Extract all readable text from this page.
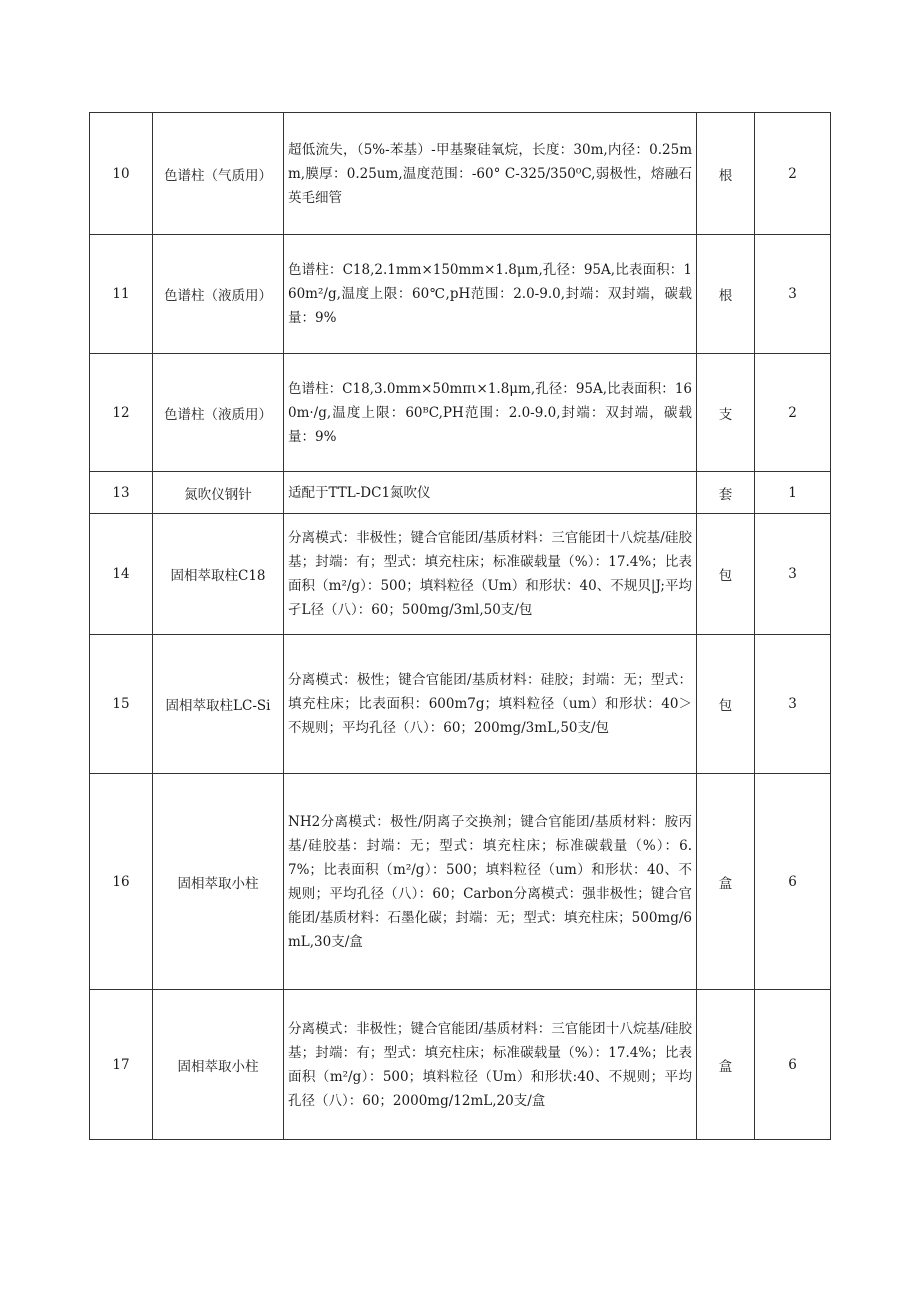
10	色谱柱（气质用）	超低流失，（5%-苯基）-甲基聚硅氧烷，长度：30m,内径：0.25mm,膜厚：0.25um,温度范围：-60° C-325/350⁰C,弱极性，熔融石英毛细管	根	2
11	色谱柱（液质用）	色谱柱：C18,2.1mm×150mm×1.8μm,孔径：95A,比表面积：160m²/g,温度上限：60℃,pH范围：2.0-9.0,封端：双封端，碳载量：9%	根	3
12	色谱柱（液质用）	色谱柱：C18,3.0mm×50mπι×1.8μm,孔径：95A,比表面积：160m·/g,温度上限：60ᴮC,PH范围：2.0-9.0,封端：双封端，碳载量：9%	支	2
13	氮吹仪钢针	适配于TTL-DC1氮吹仪	套	1
14	固相萃取柱C18	分离模式：非极性；键合官能团/基质材料：三官能团十八烷基/硅胶基；封端：有；型式：填充柱床；标准碳载量（%）：17.4%；比表面积（m²/g）：500；填料粒径（Um）和形状：40、不规贝|J;平均孑L径（八）：60；500mg/3ml,50支/包	包	3
15	固相萃取柱LC-Si	分离模式：极性；键合官能团/基质材料：硅胶；封端：无；型式：填充柱床；比表面积：600m7g；填料粒径（um）和形状：40＞不规则；平均孔径（八）：60；200mg/3mL,50支/包	包	3
16	固相萃取小柱	NH2分离模式：极性/阴离子交换剂；键合官能团/基质材料：胺丙基/硅胶基：封端：无；型式：填充柱床；标准碳载量（%）：6.7%；比表面积（m²/g）：500；填料粒径（um）和形状：40、不规则；平均孔径（八）：60；Carbon分离模式：强非极性；键合官能团/基质材料：石墨化碳；封端：无；型式：填充柱床；500mg/6mL,30支/盒	盒	6
17	固相萃取小柱	分离模式：非极性；键合官能团/基质材料：三官能团十八烷基/硅胶基；封端：有；型式：填充柱床；标准碳载量（%）：17.4%；比表面积（m²/g）：500；填料粒径（Um）和形状:40、不规则；平均孔径（八）：60；2000mg/12mL,20支/盒	盒	6
